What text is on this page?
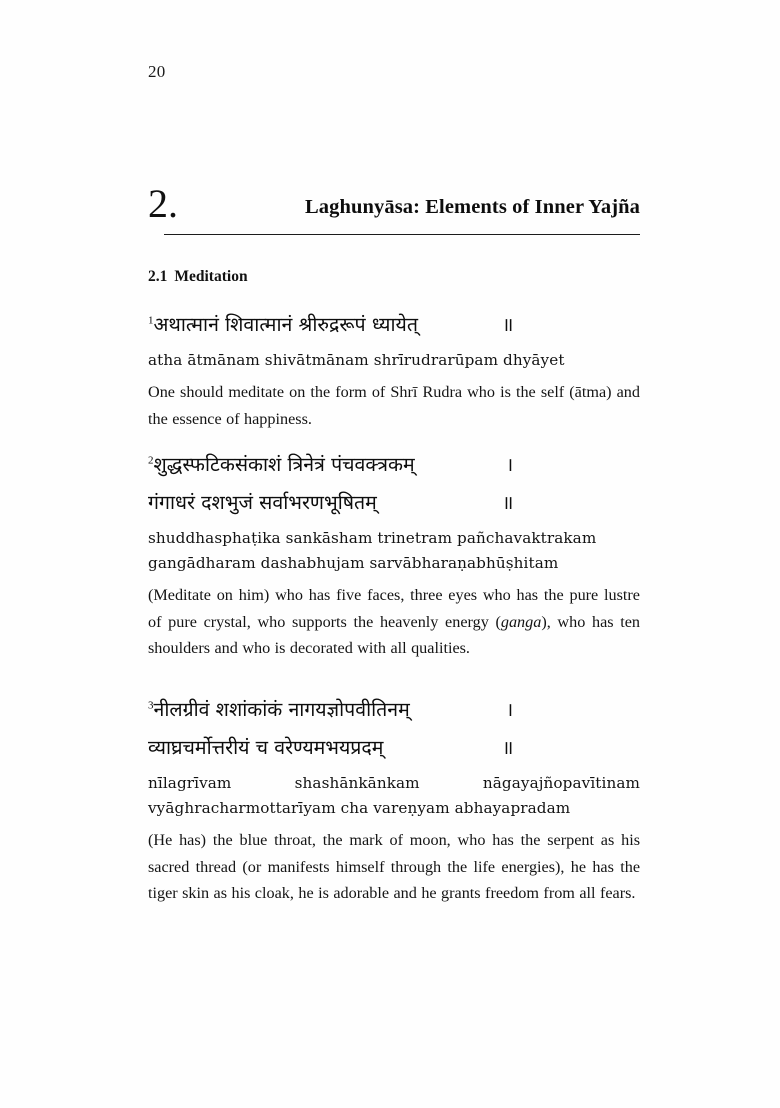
20
2.	Laghunyāsa: Elements of Inner Yajña
2.1 Meditation
$^1$अथात्मानं शिवात्मानं श्रीरुद्ररूपं ध्यायेत्	॥
atha ātmānam shivātmānam shrīrudrarūpam dhyāyet
One should meditate on the form of Shrī Rudra who is the self (ātma) and the essence of happiness.
$^2$शुद्धस्फटिकसंकाशं त्रिनेत्रं पंचवक्त्रकम्	।
गंगाधरं दशभुजं सर्वाभरणभूषितम्	॥
shuddhasphaṭika sankāsham trinetram pañchavaktrakam
gangādharam dashabhujam sarvābharaṇabhūṣhitam
(Meditate on him) who has five faces, three eyes who has the pure lustre of pure crystal, who supports the heavenly energy (ganga), who has ten shoulders and who is decorated with all qualities.
$^3$नीलग्रीवं शशांकांकं नागयज्ञोपवीतिनम्	।
व्याघ्रचर्मोत्तरीयं च वरेण्यमभयप्रदम्	॥
nīlagrīvam shashānkānkam nāgayajñopavītinam
vyāghracharmottarīyam cha vareṇyam abhayapradam
(He has) the blue throat, the mark of moon, who has the serpent as his sacred thread (or manifests himself through the life energies), he has the tiger skin as his cloak, he is adorable and he grants freedom from all fears.
